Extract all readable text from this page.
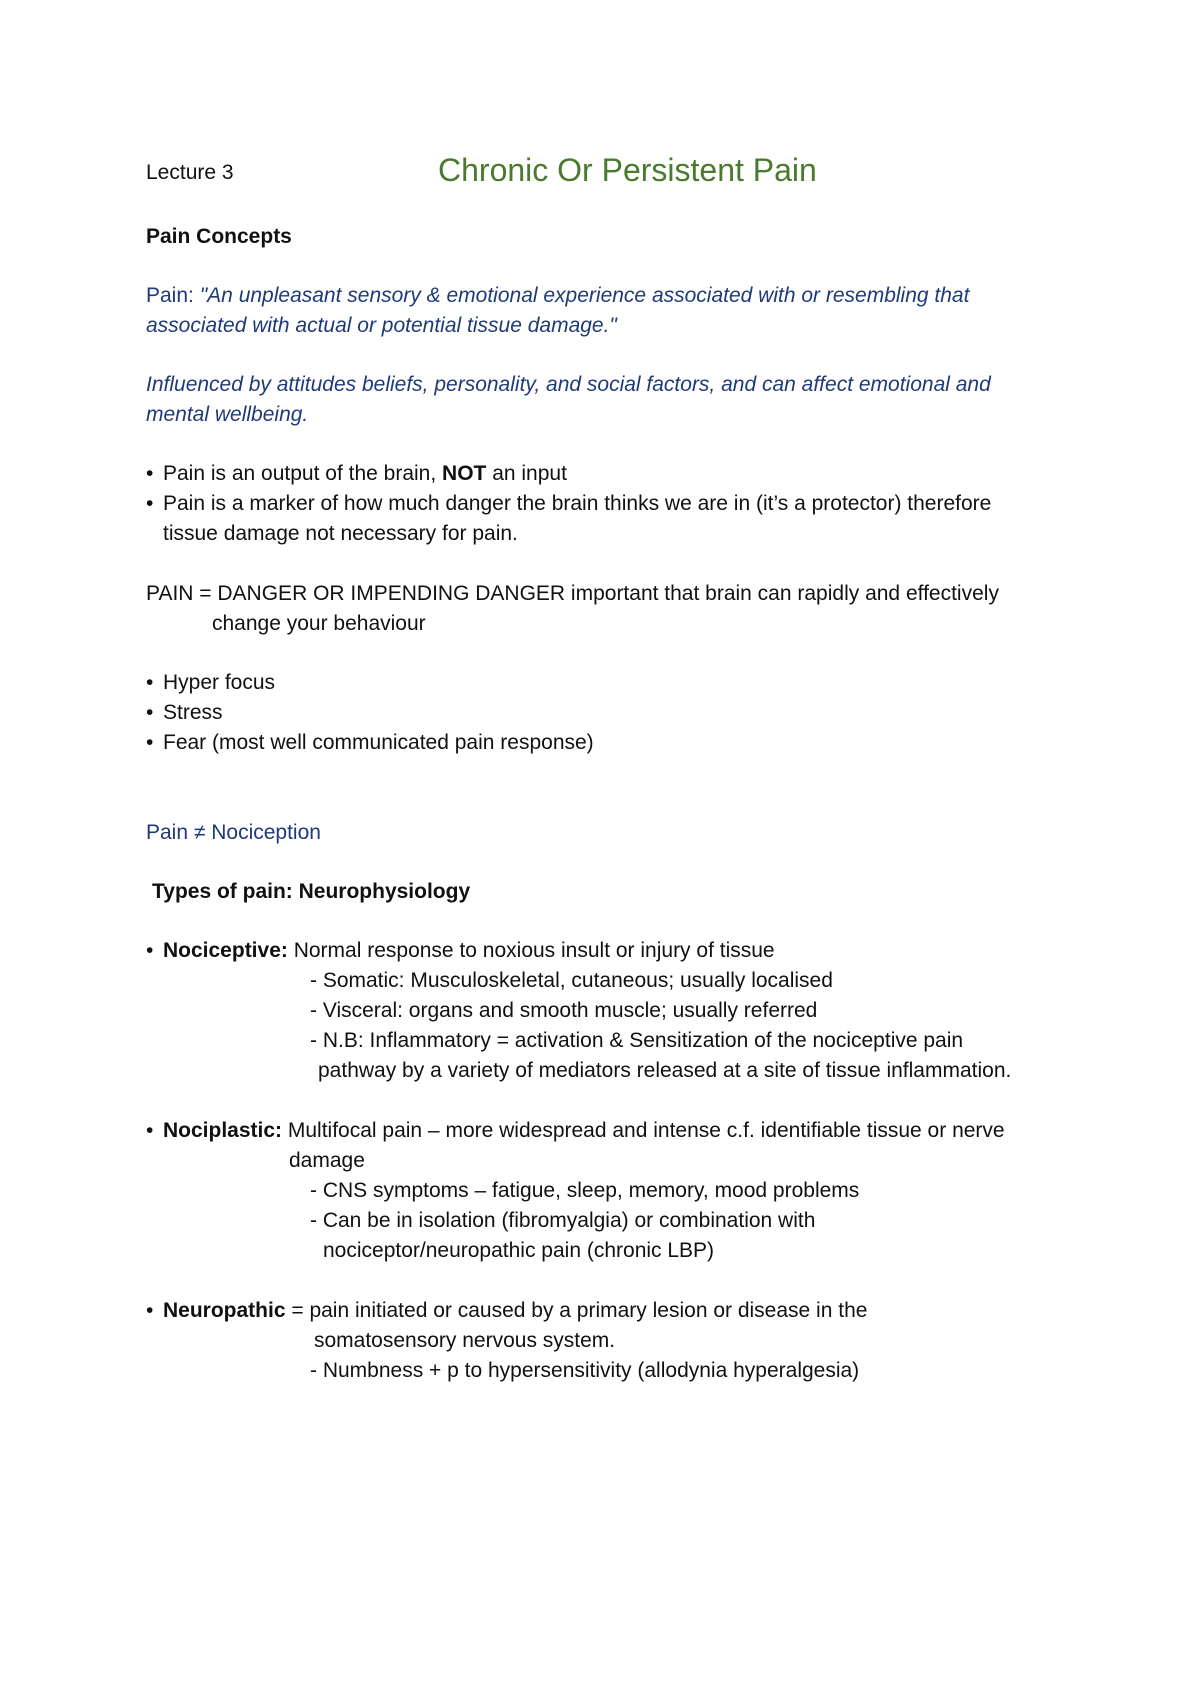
Lecture 3	Chronic Or Persistent Pain
Pain Concepts
Pain: "An unpleasant sensory & emotional experience associated with or resembling that
associated with actual or potential tissue damage."
Influenced by attitudes beliefs, personality, and social factors, and can affect emotional and
mental wellbeing.
• Pain is an output of the brain, NOT an input
• Pain is a marker of how much danger the brain thinks we are in (it’s a protector) therefore
tissue damage not necessary for pain.
PAIN = DANGER OR IMPENDING DANGER important that brain can rapidly and effectively
change your behaviour
• Hyper focus
• Stress
• Fear (most well communicated pain response)
Pain ≠ Nociception
Types of pain: Neurophysiology
• Nociceptive: Normal response to noxious insult or injury of tissue
- Somatic: Musculoskeletal, cutaneous; usually localised
- Visceral: organs and smooth muscle; usually referred
- N.B: Inflammatory = activation & Sensitization of the nociceptive pain
pathway by a variety of mediators released at a site of tissue inflammation.
• Nociplastic: Multifocal pain – more widespread and intense c.f. identifiable tissue or nerve
damage
- CNS symptoms – fatigue, sleep, memory, mood problems
- Can be in isolation (fibromyalgia) or combination with
nociceptor/neuropathic pain (chronic LBP)
• Neuropathic = pain initiated or caused by a primary lesion or disease in the
somatosensory nervous system.
- Numbness + p to hypersensitivity (allodynia hyperalgesia)
